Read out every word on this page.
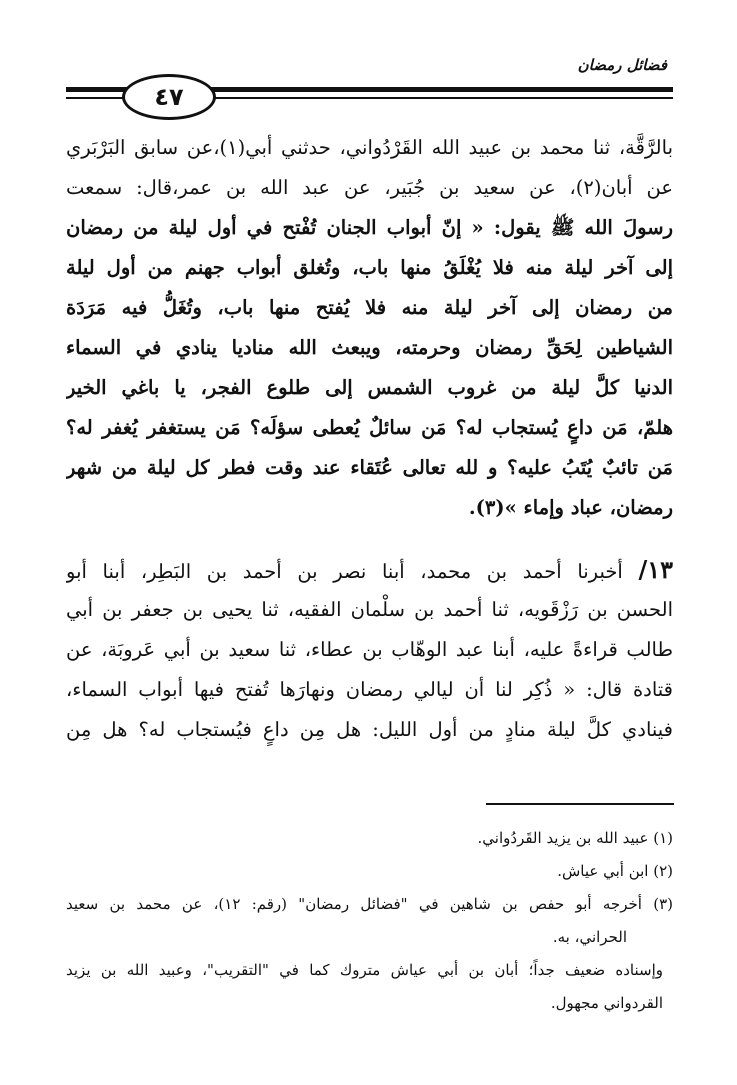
فضائل رمضان
٤٧
بالرَّقَّة، ثنا محمد بن عبيد الله القَرْدُواني، حدثني أبي(١)،عن سابق البَرْبَري
عن أبان(٢)، عن سعيد بن جُبَير، عن عبد الله بن عمر،قال: سمعت
رسولَ الله ﷺ يقول: « إنّ أبواب الجنان تُفْتح في أول ليلة من رمضان
إلى آخر ليلة منه فلا يُغْلَقُ منها باب، وتُغلق أبواب جهنم من أول ليلة
من رمضان إلى آخر ليلة منه فلا يُفتح منها باب، وتُغَلُّ فيه مَرَدَة
الشياطين لِحَقِّ رمضان وحرمته، ويبعث الله مناديا ينادي في السماء
الدنيا كلَّ ليلة من غروب الشمس إلى طلوع الفجر، يا باغي الخير
هلمّ، مَن داعٍ يُستجاب له؟ مَن سائلٌ يُعطى سؤلَه؟ مَن يستغفر يُغفر له؟
مَن تائبٌ يُتَبُ عليه؟ و لله تعالى عُتَقاء عند وقت فطر كل ليلة من شهر
رمضان، عباد وإماء »(٣).
١٣/ أخبرنا أحمد بن محمد، أبنا نصر بن أحمد بن البَطِر، أبنا أبو
الحسن بن رَزْقَويه، ثنا أحمد بن سلْمان الفقيه، ثنا يحيى بن جعفر بن أبي
طالب قراءةً عليه، أبنا عبد الوهّاب بن عطاء، ثنا سعيد بن أبي عَروبَة، عن
قتادة قال: « ذُكِر لنا أن ليالي رمضان ونهارَها تُفتح فيها أبواب السماء،
فينادي كلَّ ليلة منادٍ من أول الليل: هل مِن داعٍ فيُستجاب له؟ هل مِن
(١) عبيد الله بن يزيد القَردُواني.
(٢) ابن أبي عياش.
(٣) أخرجه أبو حفص بن شاهين في "فضائل رمضان" (رقم: ١٢)، عن محمد بن سعيد
الحراني، به.
وإسناده ضعيف جداً؛ أبان بن أبي عياش متروك كما في "التقريب"، وعبيد الله بن يزيد
القردواني مجهول.
